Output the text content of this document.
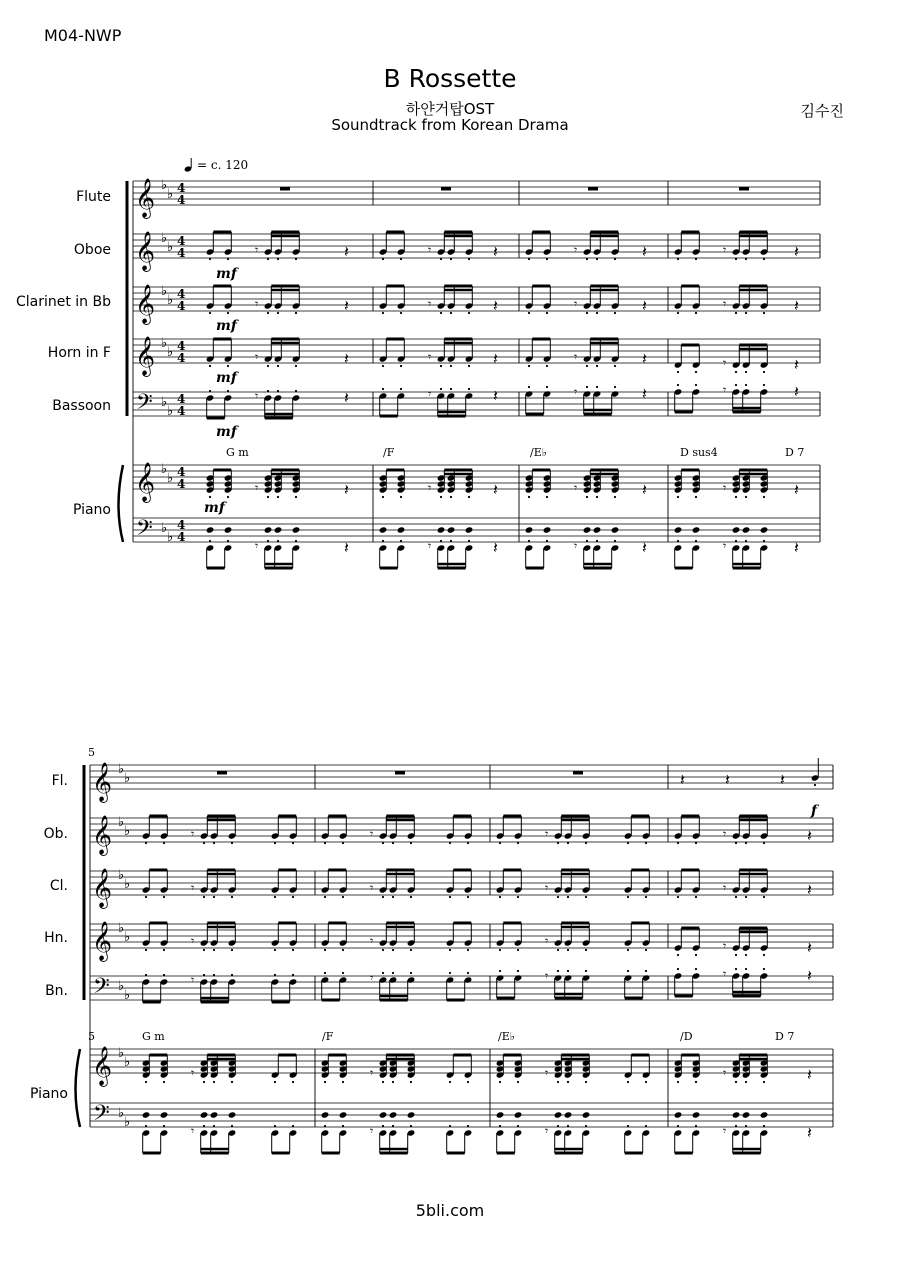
M04-NWP
B Rossette
하얀거탑OST
Soundtrack from Korean Drama
김수진
= c. 120
Flute
Oboe
Clarinet in Bb
Horn in F
Bassoon
Piano
Fl.
Ob.
Cl.
Hn.
Bn.
Piano
G m	/F	/E♭	D sus4	D 7
5	G m	/F	/E♭	/D	D 7
5
mf
mf
mf
mf
mf
f
𝄞 ♭
♭ 4
4
𝄞 ♭
♭ 4
4
𝄞 ♭
♭ 4
4
𝄞 ♭
♭ 4
4
𝄢 ♭
♭
4
4
𝄞 ♭
♭ 4
4
𝄢 ♭
♭
4
4
𝄾	𝄽
𝄾	𝄽
𝄾	𝄽
𝄾	𝄽
𝄾	𝄽
𝄾	𝄽
𝄾	𝄽
𝄾	𝄽
𝄾	𝄽
𝄾	𝄽
𝄾	𝄽
𝄾	𝄽
𝄾	𝄽
𝄾	𝄽
𝄾	𝄽
𝄾	𝄽
𝄾	𝄽
𝄾	𝄽
𝄾	𝄽
𝄾	𝄽
𝄾	𝄽
𝄾	𝄽
𝄾	𝄽
𝄾	𝄽
𝄞 ♭
♭
𝄞 ♭
♭
𝄞 ♭
♭
𝄞 ♭
♭
𝄢 ♭
♭
𝄞 ♭
♭
𝄢 ♭
♭
𝄽	𝄽	𝄽
𝄾
𝄾
𝄾
𝄾
𝄾
𝄾
𝄾
𝄾
𝄾
𝄾
𝄾
𝄾
𝄾
𝄾
𝄾
𝄾
𝄾
𝄾
𝄾	𝄽
𝄾	𝄽
𝄾	𝄽
𝄾	𝄽
𝄾	𝄽
𝄾	𝄽
5bli.com
